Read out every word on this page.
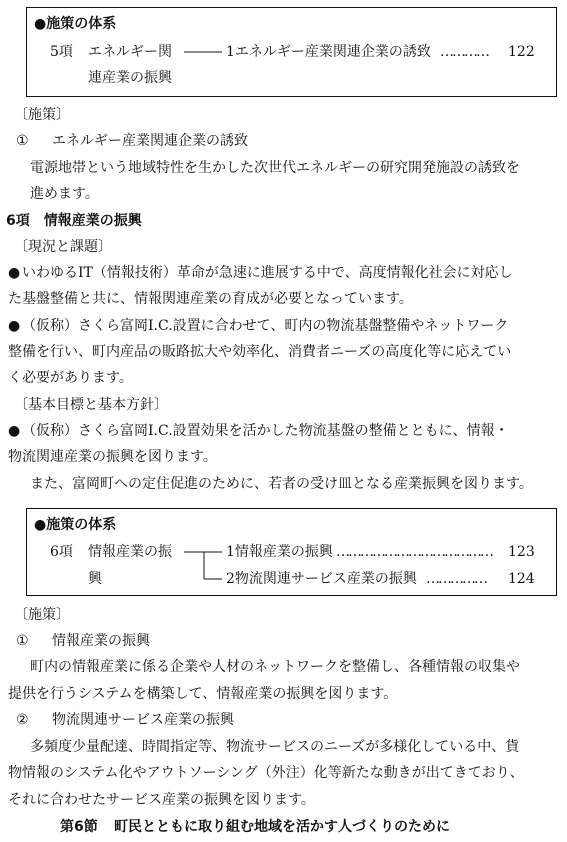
●施策の体系
5項 エネルギー関
連産業の振興
1エネルギー産業関連企業の誘致 ………… 122
〔施策〕
① エネルギー産業関連企業の誘致
電源地帯という地域特性を生かした次世代エネルギーの研究開発施設の誘致を
進めます。
6項　情報産業の振興
〔現況と課題〕
● いわゆるIT（情報技術）革命が急速に進展する中で、高度情報化社会に対応し
た基盤整備と共に、情報関連産業の育成が必要となっています。
● （仮称）さくら富岡I.C.設置に合わせて、町内の物流基盤整備やネットワーク
整備を行い、町内産品の販路拡大や効率化、消費者ニーズの高度化等に応えてい
く必要があります。
〔基本目標と基本方針〕
● （仮称）さくら富岡I.C.設置効果を活かした物流基盤の整備とともに、情報・
物流関連産業の振興を図ります。
また、富岡町への定住促進のために、若者の受け皿となる産業振興を図ります。
●施策の体系
6項 情報産業の振
興
1情報産業の振興 ………………………………… 123
2物流関連サービス産業の振興 …………… 124
〔施策〕
① 情報産業の振興
町内の情報産業に係る企業や人材のネットワークを整備し、各種情報の収集や
提供を行うシステムを構築して、情報産業の振興を図ります。
② 物流関連サービス産業の振興
多頻度少量配達、時間指定等、物流サービスのニーズが多様化している中、貨
物情報のシステム化やアウトソーシング（外注）化等新たな動きが出てきており、
それに合わせたサービス産業の振興を図ります。
第6節 町民とともに取り組む地域を活かす人づくりのために
